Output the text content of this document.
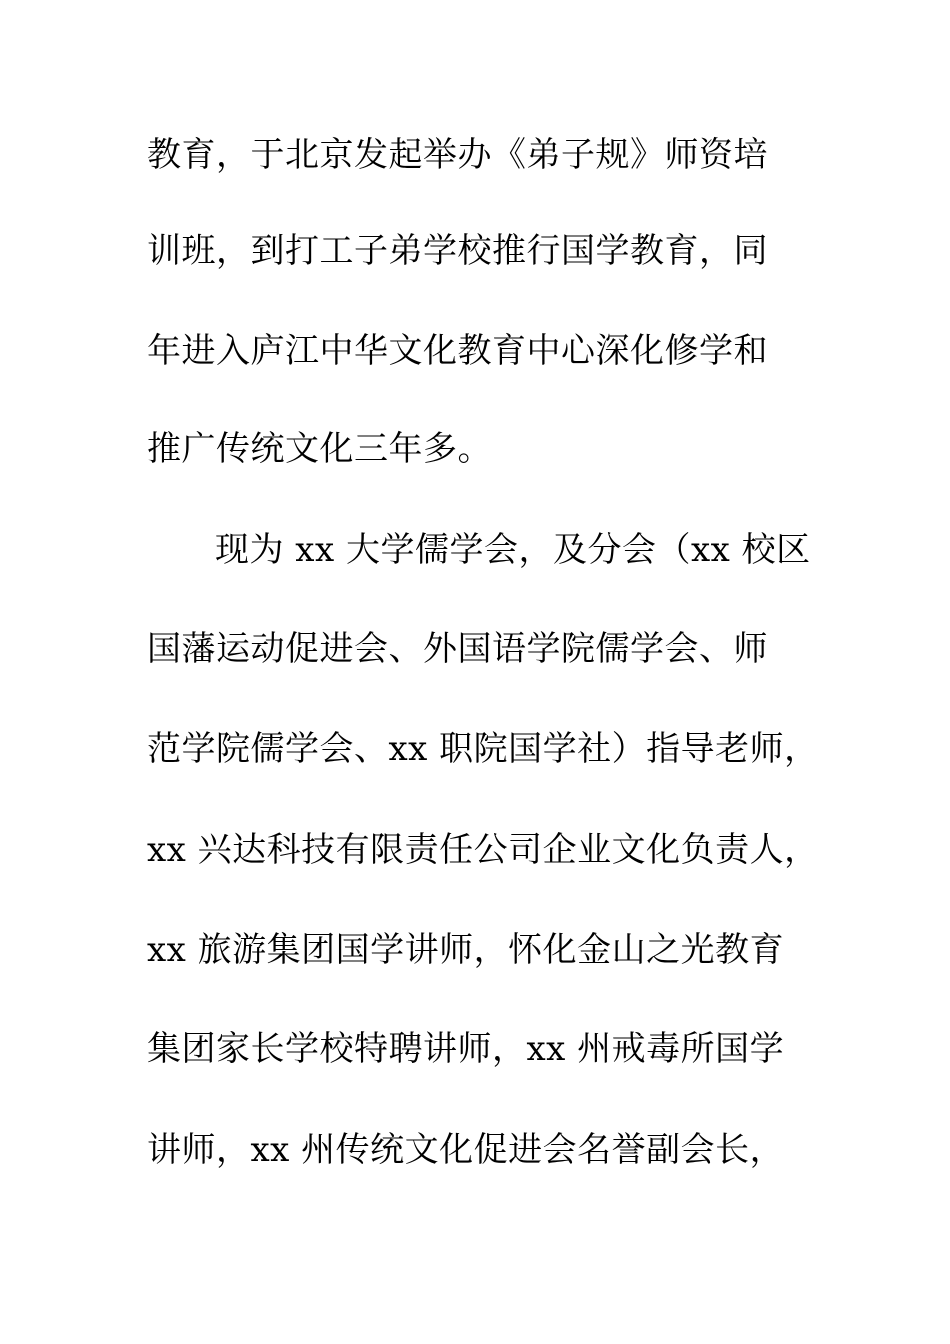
教育，于北京发起举办《弟子规》师资培
训班，到打工子弟学校推行国学教育，同
年进入庐江中华文化教育中心深化修学和
推广传统文化三年多。
现为 xx 大学儒学会，及分会（xx 校区
国藩运动促进会、外国语学院儒学会、师
范学院儒学会、xx 职院国学社）指导老师，
xx 兴达科技有限责任公司企业文化负责人，
xx 旅游集团国学讲师，怀化金山之光教育
集团家长学校特聘讲师，xx 州戒毒所国学
讲师，xx 州传统文化促进会名誉副会长，
